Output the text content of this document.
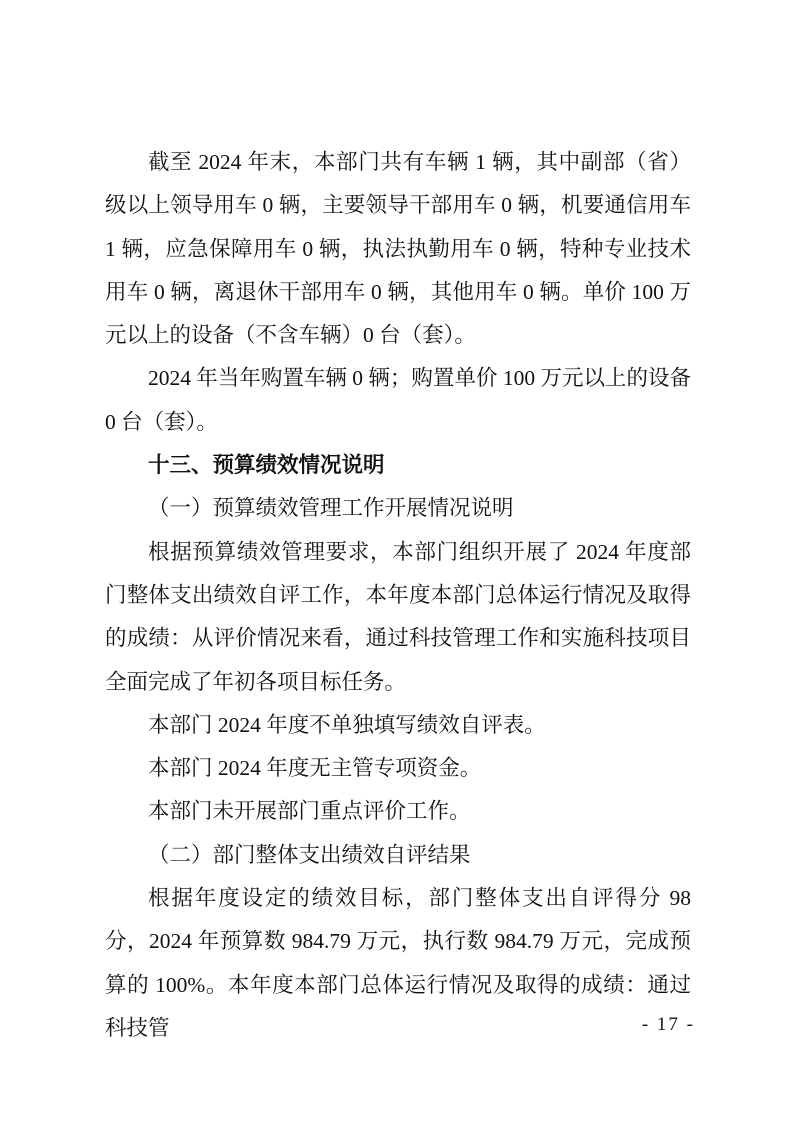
截至 2024 年末，本部门共有车辆 1 辆，其中副部（省）级以上领导用车 0 辆，主要领导干部用车 0 辆，机要通信用车 1 辆，应急保障用车 0 辆，执法执勤用车 0 辆，特种专业技术用车 0 辆，离退休干部用车 0 辆，其他用车 0 辆。单价 100 万元以上的设备（不含车辆）0 台（套）。

2024 年当年购置车辆 0 辆；购置单价 100 万元以上的设备 0 台（套）。

十三、预算绩效情况说明

（一）预算绩效管理工作开展情况说明

根据预算绩效管理要求，本部门组织开展了 2024 年度部门整体支出绩效自评工作，本年度本部门总体运行情况及取得的成绩：从评价情况来看，通过科技管理工作和实施科技项目全面完成了年初各项目标任务。

本部门 2024 年度不单独填写绩效自评表。

本部门 2024 年度无主管专项资金。

本部门未开展部门重点评价工作。

（二）部门整体支出绩效自评结果

根据年度设定的绩效目标，部门整体支出自评得分 98 分，2024 年预算数 984.79 万元，执行数 984.79 万元，完成预算的 100%。本年度本部门总体运行情况及取得的成绩：通过科技管	- 17 -
